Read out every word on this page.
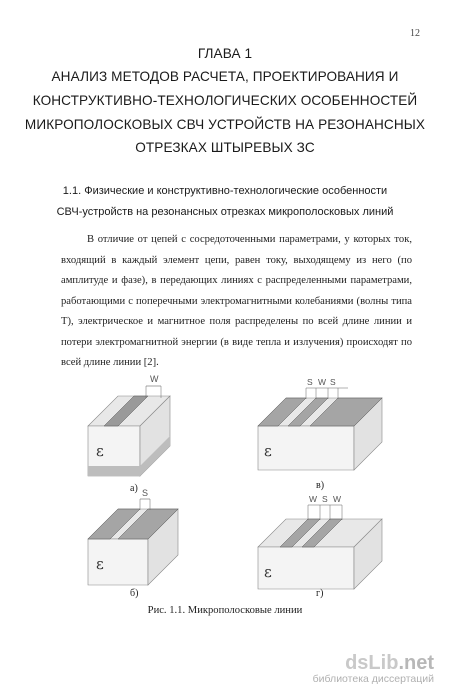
12
ГЛАВА 1
АНАЛИЗ МЕТОДОВ РАСЧЕТА, ПРОЕКТИРОВАНИЯ И
КОНСТРУКТИВНО-ТЕХНОЛОГИЧЕСКИХ ОСОБЕННОСТЕЙ
МИКРОПОЛОСКОВЫХ СВЧ УСТРОЙСТВ НА РЕЗОНАНСНЫХ
ОТРЕЗКАХ ШТЫРЕВЫХ ЗС
1.1. Физические и конструктивно-технологические особенности
СВЧ-устройств на резонансных отрезках микрополосковых линий

В отличие от цепей с сосредоточенными параметрами, у которых ток, входящий в каждый элемент цепи, равен току, выходящему из него (по амплитуде и фазе), в передающих линиях с распределенными параметрами, работающими с поперечными электромагнитными колебаниями (волны типа Т), электрическое и магнитное поля распределены по всей длине линии и потери электромагнитной энергии (в виде тепла и излучения) происходят по всей длине линии [2].

W
ε
а)
S W S
ε
в)
S
ε
б)
W S W
ε
г)
Рис. 1.1. Микрополосковые линии
dsLib.net
библиотека диссертаций
